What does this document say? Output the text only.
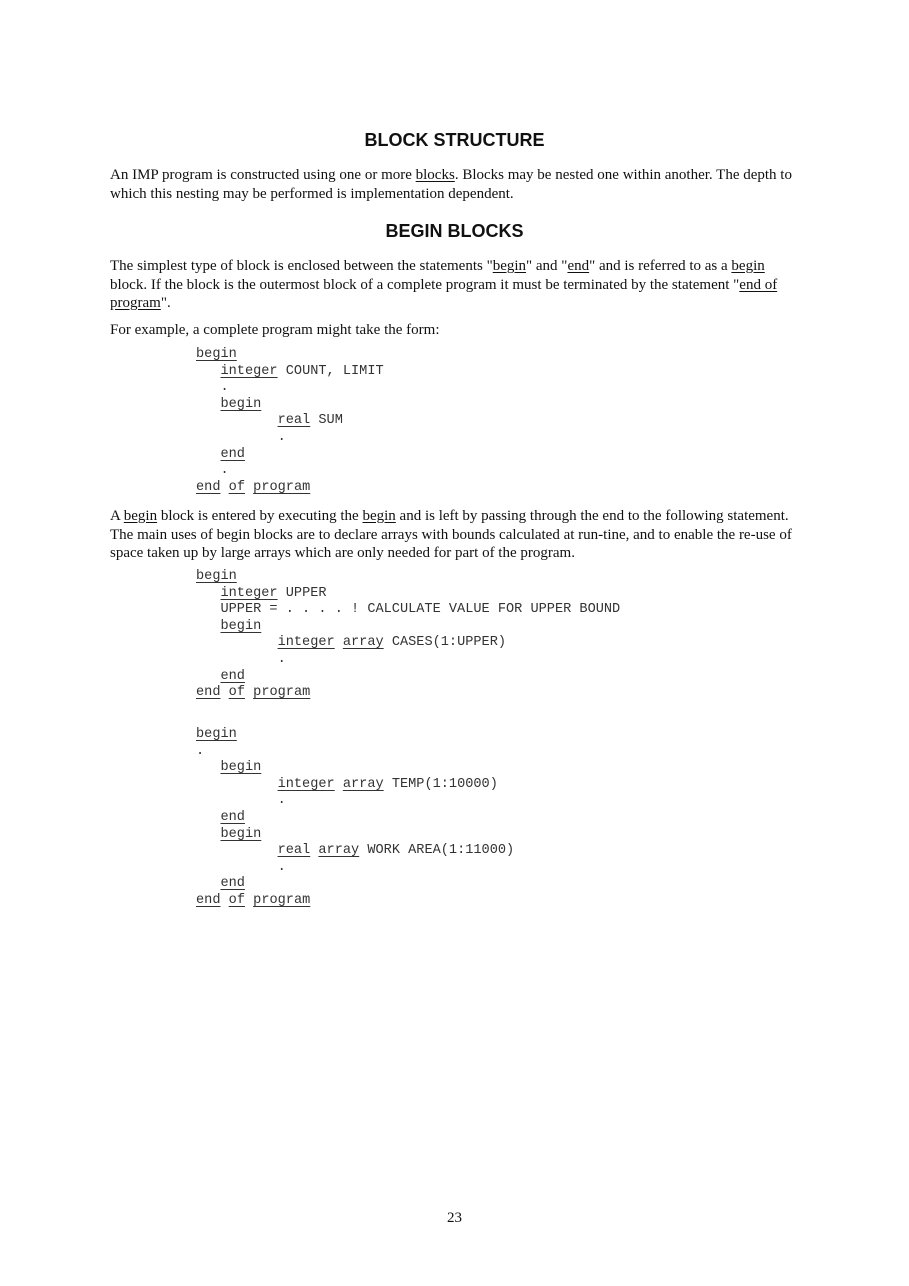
BLOCK STRUCTURE

An IMP program is constructed using one or more blocks. Blocks may be nested one within another. The depth to which this nesting may be performed is implementation dependent.

BEGIN BLOCKS

The simplest type of block is enclosed between the statements "begin" and "end" and is referred to as a begin block. If the block is the outermost block of a complete program it must be terminated by the statement "end of program".

For example, a complete program might take the form:

begin
integer COUNT, LIMIT
.
begin
real SUM
.
end
.
end of program

A begin block is entered by executing the begin and is left by passing through the end to the following statement. The main uses of begin blocks are to declare arrays with bounds calculated at run-tine, and to enable the re-use of space taken up by large arrays which are only needed for part of the program.

begin
integer UPPER
UPPER = . . . . ! CALCULATE VALUE FOR UPPER BOUND
begin
integer array CASES(1:UPPER)
.
end
end of program
begin
.
begin
integer array TEMP(1:10000)
.
end
begin
real array WORK AREA(1:11000)
.
end
end of program
23
